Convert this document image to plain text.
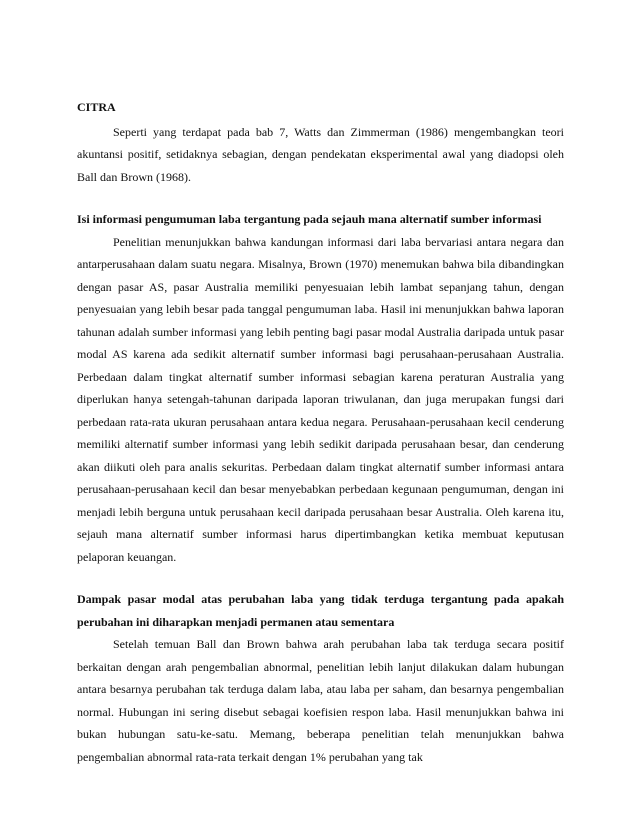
CITRA

Seperti yang terdapat pada bab 7, Watts dan Zimmerman (1986) mengembangkan teori akuntansi positif, setidaknya sebagian, dengan pendekatan eksperimental awal yang diadopsi oleh Ball dan Brown (1968).

Isi informasi pengumuman laba tergantung pada sejauh mana alternatif sumber informasi

Penelitian menunjukkan bahwa kandungan informasi dari laba bervariasi antara negara dan antarperusahaan dalam suatu negara. Misalnya, Brown (1970) menemukan bahwa bila dibandingkan dengan pasar AS, pasar Australia memiliki penyesuaian lebih lambat sepanjang tahun, dengan penyesuaian yang lebih besar pada tanggal pengumuman laba. Hasil ini menunjukkan bahwa laporan tahunan adalah sumber informasi yang lebih penting bagi pasar modal Australia daripada untuk pasar modal AS karena ada sedikit alternatif sumber informasi bagi perusahaan-perusahaan Australia. Perbedaan dalam tingkat alternatif sumber informasi sebagian karena peraturan Australia yang diperlukan hanya setengah-tahunan daripada laporan triwulanan, dan juga merupakan fungsi dari perbedaan rata-rata ukuran perusahaan antara kedua negara. Perusahaan-perusahaan kecil cenderung memiliki alternatif sumber informasi yang lebih sedikit daripada perusahaan besar, dan cenderung akan diikuti oleh para analis sekuritas. Perbedaan dalam tingkat alternatif sumber informasi antara perusahaan-perusahaan kecil dan besar menyebabkan perbedaan kegunaan pengumuman, dengan ini menjadi lebih berguna untuk perusahaan kecil daripada perusahaan besar Australia. Oleh karena itu, sejauh mana alternatif sumber informasi harus dipertimbangkan ketika membuat keputusan pelaporan keuangan.

Dampak pasar modal atas perubahan laba yang tidak terduga tergantung pada apakah perubahan ini diharapkan menjadi permanen atau sementara

Setelah temuan Ball dan Brown bahwa arah perubahan laba tak terduga secara positif berkaitan dengan arah pengembalian abnormal, penelitian lebih lanjut dilakukan dalam hubungan antara besarnya perubahan tak terduga dalam laba, atau laba per saham, dan besarnya pengembalian normal. Hubungan ini sering disebut sebagai koefisien respon laba. Hasil menunjukkan bahwa ini bukan hubungan satu-ke-satu. Memang, beberapa penelitian telah menunjukkan bahwa pengembalian abnormal rata-rata terkait dengan 1% perubahan yang tak
